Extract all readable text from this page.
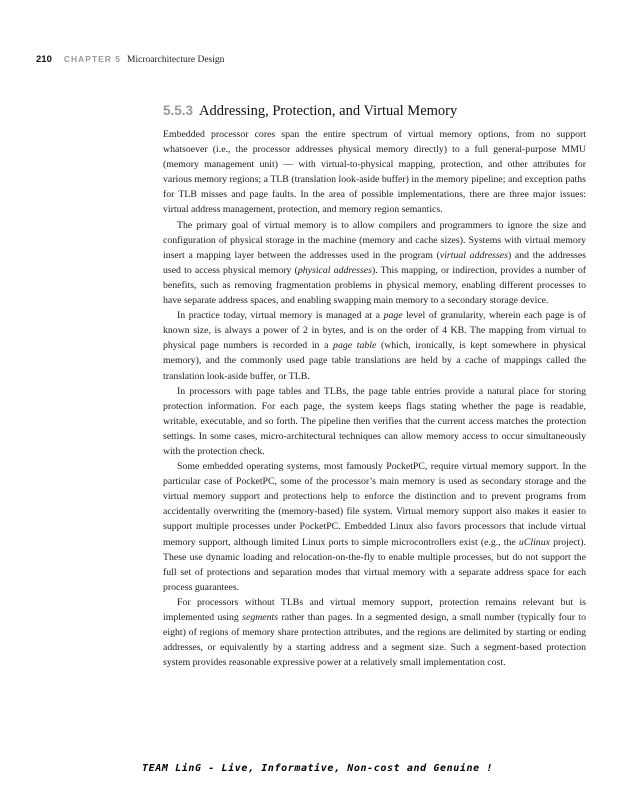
210 CHAPTER 5 Microarchitecture Design
5.5.3 Addressing, Protection, and Virtual Memory

Embedded processor cores span the entire spectrum of virtual memory options, from no support whatsoever (i.e., the processor addresses physical memory directly) to a full general-purpose MMU (memory management unit) — with virtual-to-physical mapping, protection, and other attributes for various memory regions; a TLB (translation look-aside buffer) in the memory pipeline; and exception paths for TLB misses and page faults. In the area of possible implementations, there are three major issues: virtual address management, protection, and memory region semantics.

The primary goal of virtual memory is to allow compilers and programmers to ignore the size and configuration of physical storage in the machine (memory and cache sizes). Systems with virtual memory insert a mapping layer between the addresses used in the program (virtual addresses) and the addresses used to access physical memory (physical addresses). This mapping, or indirection, provides a number of benefits, such as removing fragmentation problems in physical memory, enabling different processes to have separate address spaces, and enabling swapping main memory to a secondary storage device.

In practice today, virtual memory is managed at a page level of granularity, wherein each page is of known size, is always a power of 2 in bytes, and is on the order of 4 KB. The mapping from virtual to physical page numbers is recorded in a page table (which, ironically, is kept somewhere in physical memory), and the commonly used page table translations are held by a cache of mappings called the translation look-aside buffer, or TLB.

In processors with page tables and TLBs, the page table entries provide a natural place for storing protection information. For each page, the system keeps flags stating whether the page is readable, writable, executable, and so forth. The pipeline then verifies that the current access matches the protection settings. In some cases, micro-architectural techniques can allow memory access to occur simultaneously with the protection check.

Some embedded operating systems, most famously PocketPC, require virtual memory support. In the particular case of PocketPC, some of the processor’s main memory is used as secondary storage and the virtual memory support and protections help to enforce the distinction and to prevent programs from accidentally overwriting the (memory-based) file system. Virtual memory support also makes it easier to support multiple processes under PocketPC. Embedded Linux also favors processors that include virtual memory support, although limited Linux ports to simple microcontrollers exist (e.g., the uClinux project). These use dynamic loading and relocation-on-the-fly to enable multiple processes, but do not support the full set of protections and separation modes that virtual memory with a separate address space for each process guarantees.

For processors without TLBs and virtual memory support, protection remains relevant but is implemented using segments rather than pages. In a segmented design, a small number (typically four to eight) of regions of memory share protection attributes, and the regions are delimited by starting or ending addresses, or equivalently by a starting address and a segment size. Such a segment-based protection system provides reasonable expressive power at a relatively small implementation cost.

TEAM LinG - Live, Informative, Non-cost and Genuine !
